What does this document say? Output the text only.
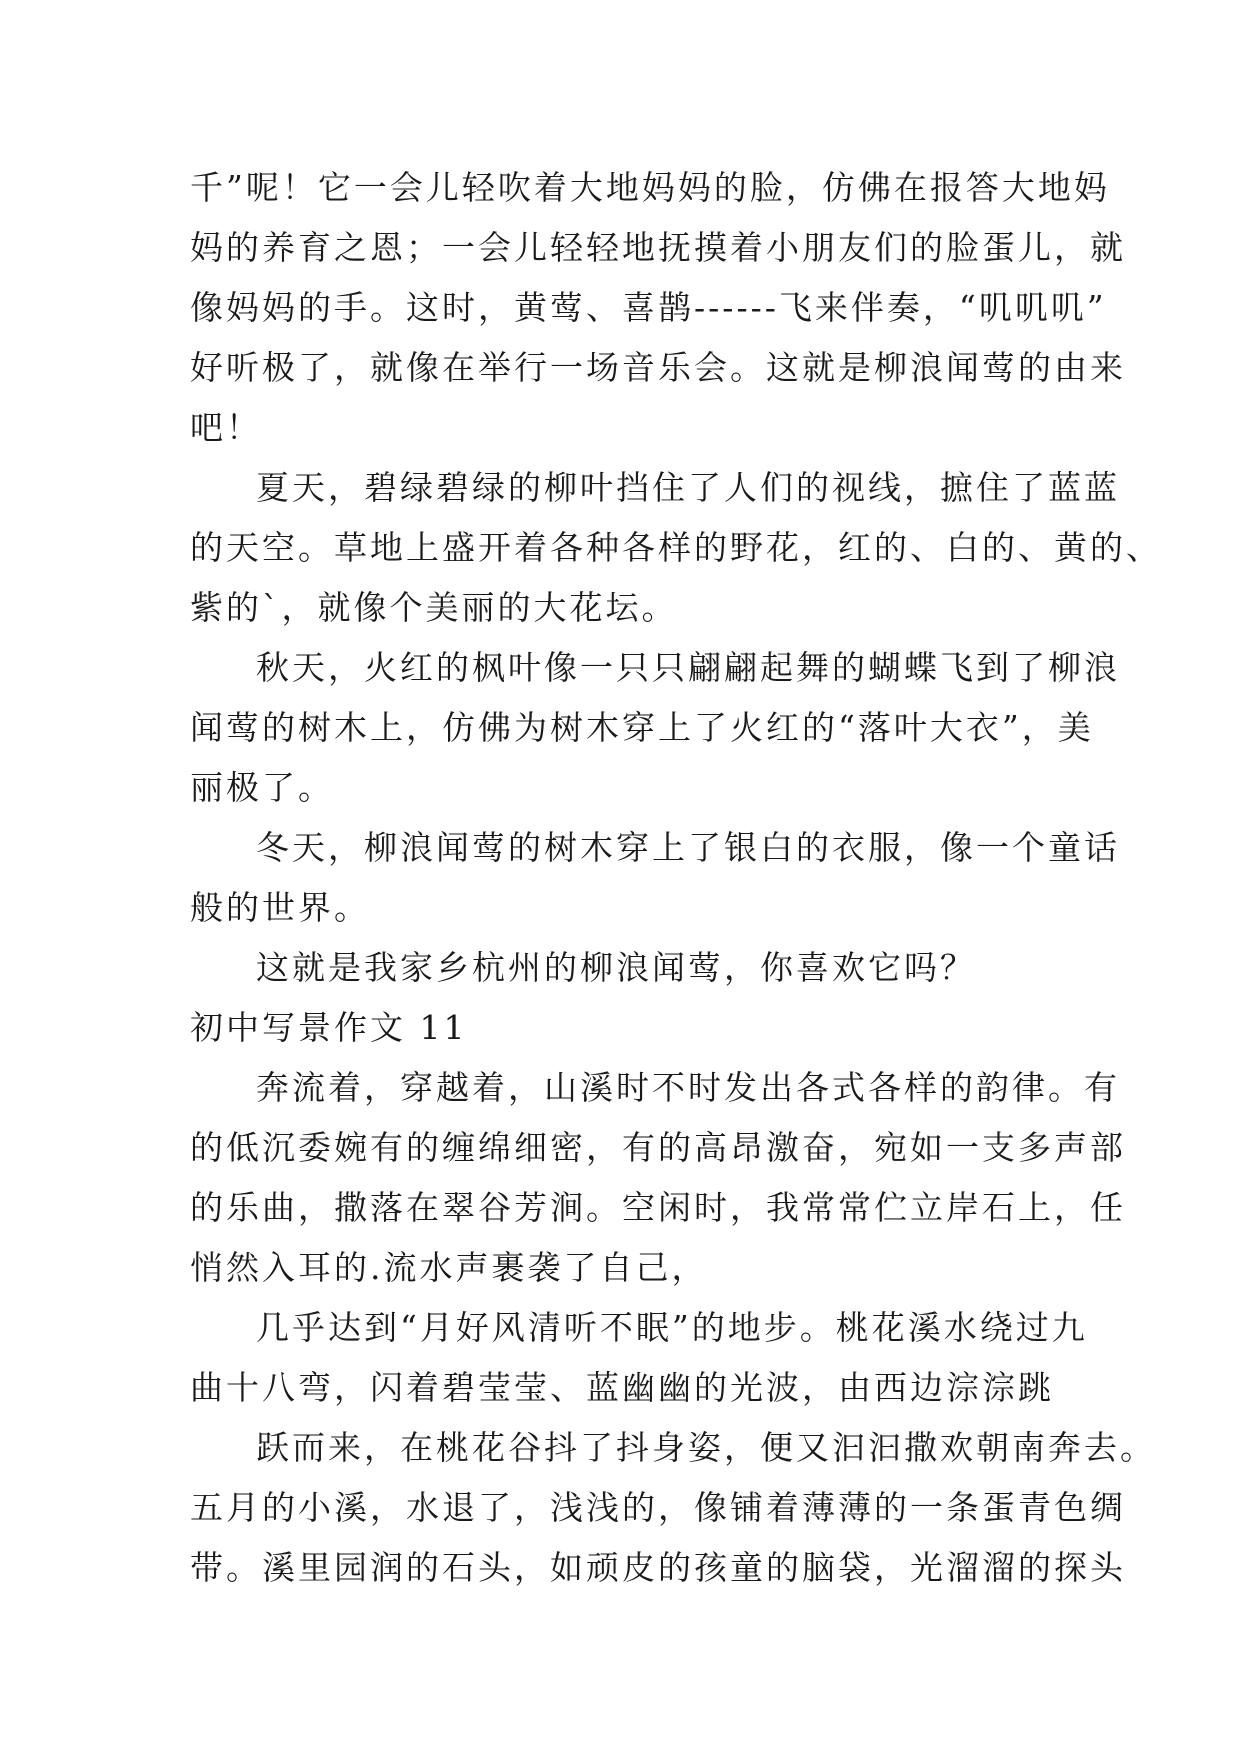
千”呢！它一会儿轻吹着大地妈妈的脸，仿佛在报答大地妈
妈的养育之恩；一会儿轻轻地抚摸着小朋友们的脸蛋儿，就
像妈妈的手。这时，黄莺、喜鹊------飞来伴奏，“叽叽叽”
好听极了，就像在举行一场音乐会。这就是柳浪闻莺的由来
吧！
夏天，碧绿碧绿的柳叶挡住了人们的视线，摭住了蓝蓝
的天空。草地上盛开着各种各样的野花，红的、白的、黄的、
紫的`，就像个美丽的大花坛。
秋天，火红的枫叶像一只只翩翩起舞的蝴蝶飞到了柳浪
闻莺的树木上，仿佛为树木穿上了火红的“落叶大衣”，美
丽极了。
冬天，柳浪闻莺的树木穿上了银白的衣服，像一个童话
般的世界。
这就是我家乡杭州的柳浪闻莺，你喜欢它吗？
初中写景作文 11
奔流着，穿越着，山溪时不时发出各式各样的韵律。有
的低沉委婉有的缠绵细密，有的高昂激奋，宛如一支多声部
的乐曲，撒落在翠谷芳涧。空闲时，我常常伫立岸石上，任
悄然入耳的.流水声裹袭了自己，
几乎达到“月好风清听不眠”的地步。桃花溪水绕过九
曲十八弯，闪着碧莹莹、蓝幽幽的光波，由西边淙淙跳
跃而来，在桃花谷抖了抖身姿，便又汩汩撒欢朝南奔去。
五月的小溪，水退了，浅浅的，像铺着薄薄的一条蛋青色绸
带。溪里园润的石头，如顽皮的孩童的脑袋，光溜溜的探头
